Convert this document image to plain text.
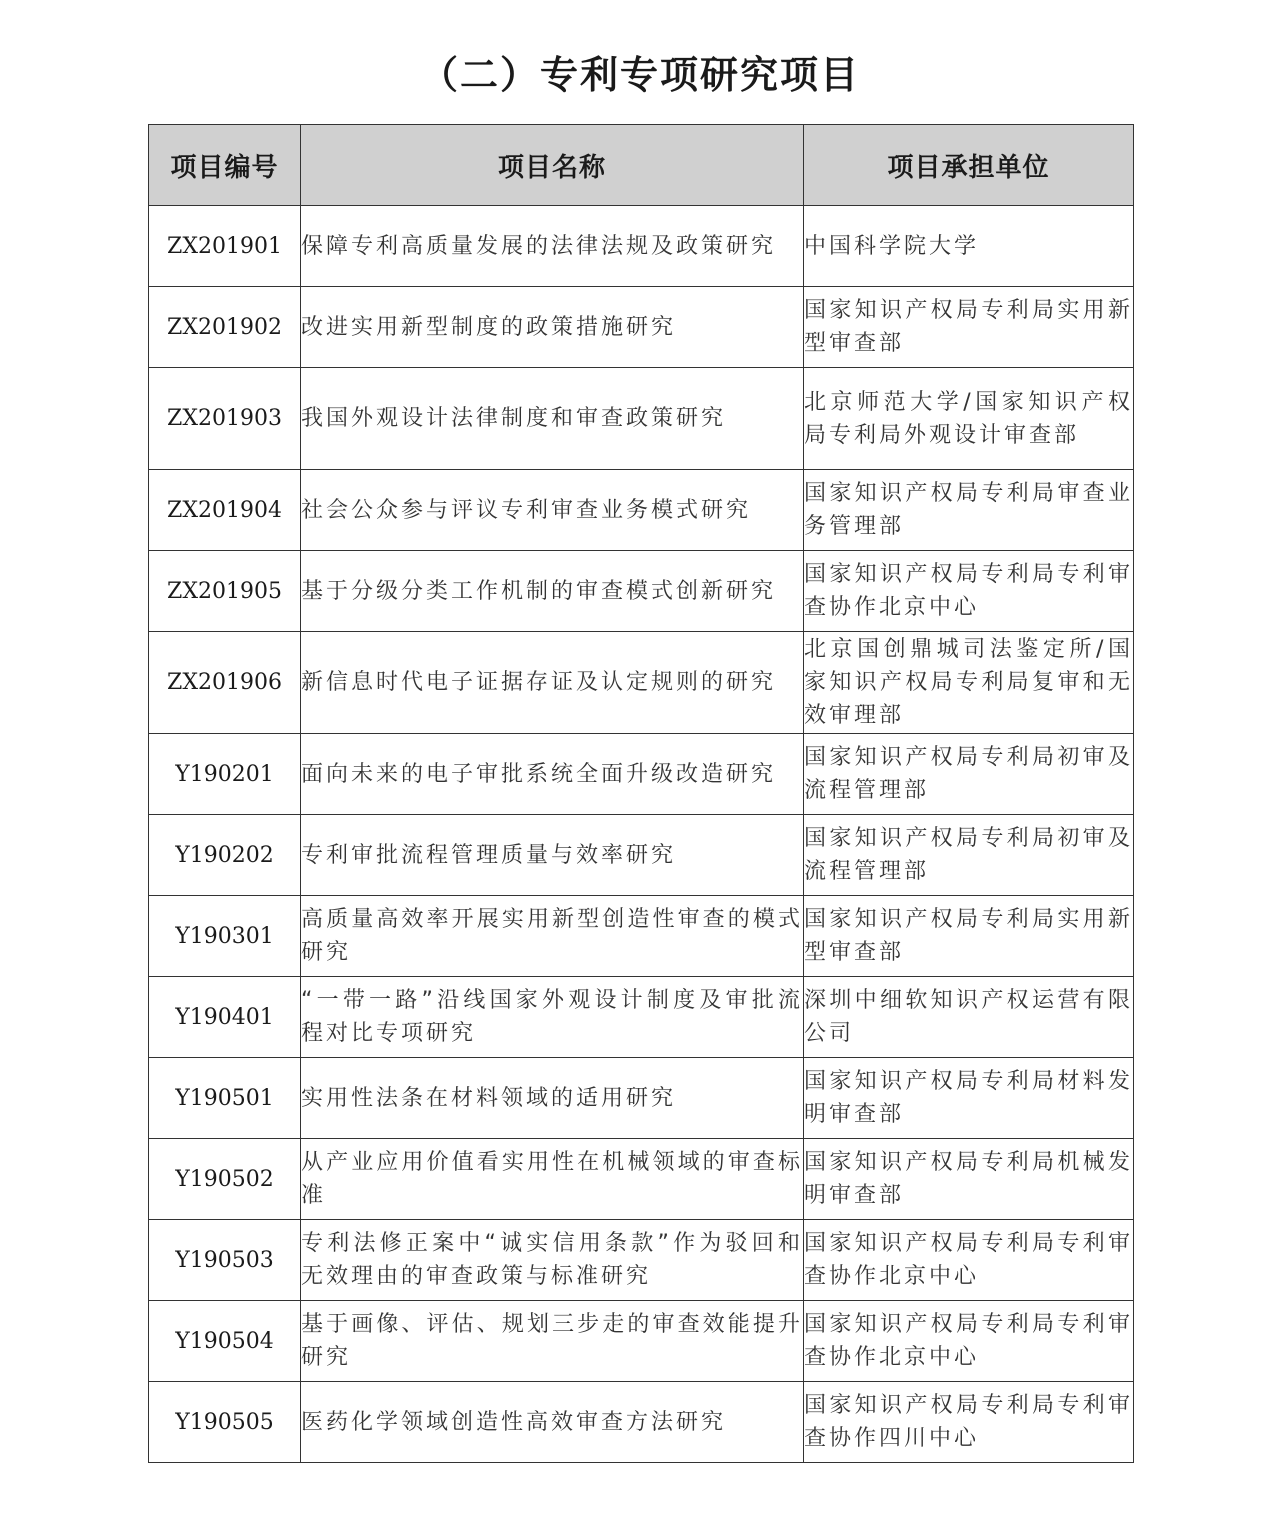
（二）专利专项研究项目
项目编号	项目名称	项目承担单位
ZX201901	保障专利高质量发展的法律法规及政策研究	中国科学院大学
ZX201902	改进实用新型制度的政策措施研究	国家知识产权局专利局实用新型审查部
ZX201903	我国外观设计法律制度和审查政策研究	北京师范大学/国家知识产权局专利局外观设计审查部
ZX201904	社会公众参与评议专利审查业务模式研究	国家知识产权局专利局审查业务管理部
ZX201905	基于分级分类工作机制的审查模式创新研究	国家知识产权局专利局专利审查协作北京中心
ZX201906	新信息时代电子证据存证及认定规则的研究	北京国创鼎城司法鉴定所/国家知识产权局专利局复审和无效审理部
Y190201	面向未来的电子审批系统全面升级改造研究	国家知识产权局专利局初审及流程管理部
Y190202	专利审批流程管理质量与效率研究	国家知识产权局专利局初审及流程管理部
Y190301	高质量高效率开展实用新型创造性审查的模式研究	国家知识产权局专利局实用新型审查部
Y190401	“一带一路”沿线国家外观设计制度及审批流程对比专项研究	深圳中细软知识产权运营有限公司
Y190501	实用性法条在材料领域的适用研究	国家知识产权局专利局材料发明审查部
Y190502	从产业应用价值看实用性在机械领域的审查标准	国家知识产权局专利局机械发明审查部
Y190503	专利法修正案中“诚实信用条款”作为驳回和无效理由的审查政策与标准研究	国家知识产权局专利局专利审查协作北京中心
Y190504	基于画像、评估、规划三步走的审查效能提升研究	国家知识产权局专利局专利审查协作北京中心
Y190505	医药化学领域创造性高效审查方法研究	国家知识产权局专利局专利审查协作四川中心
